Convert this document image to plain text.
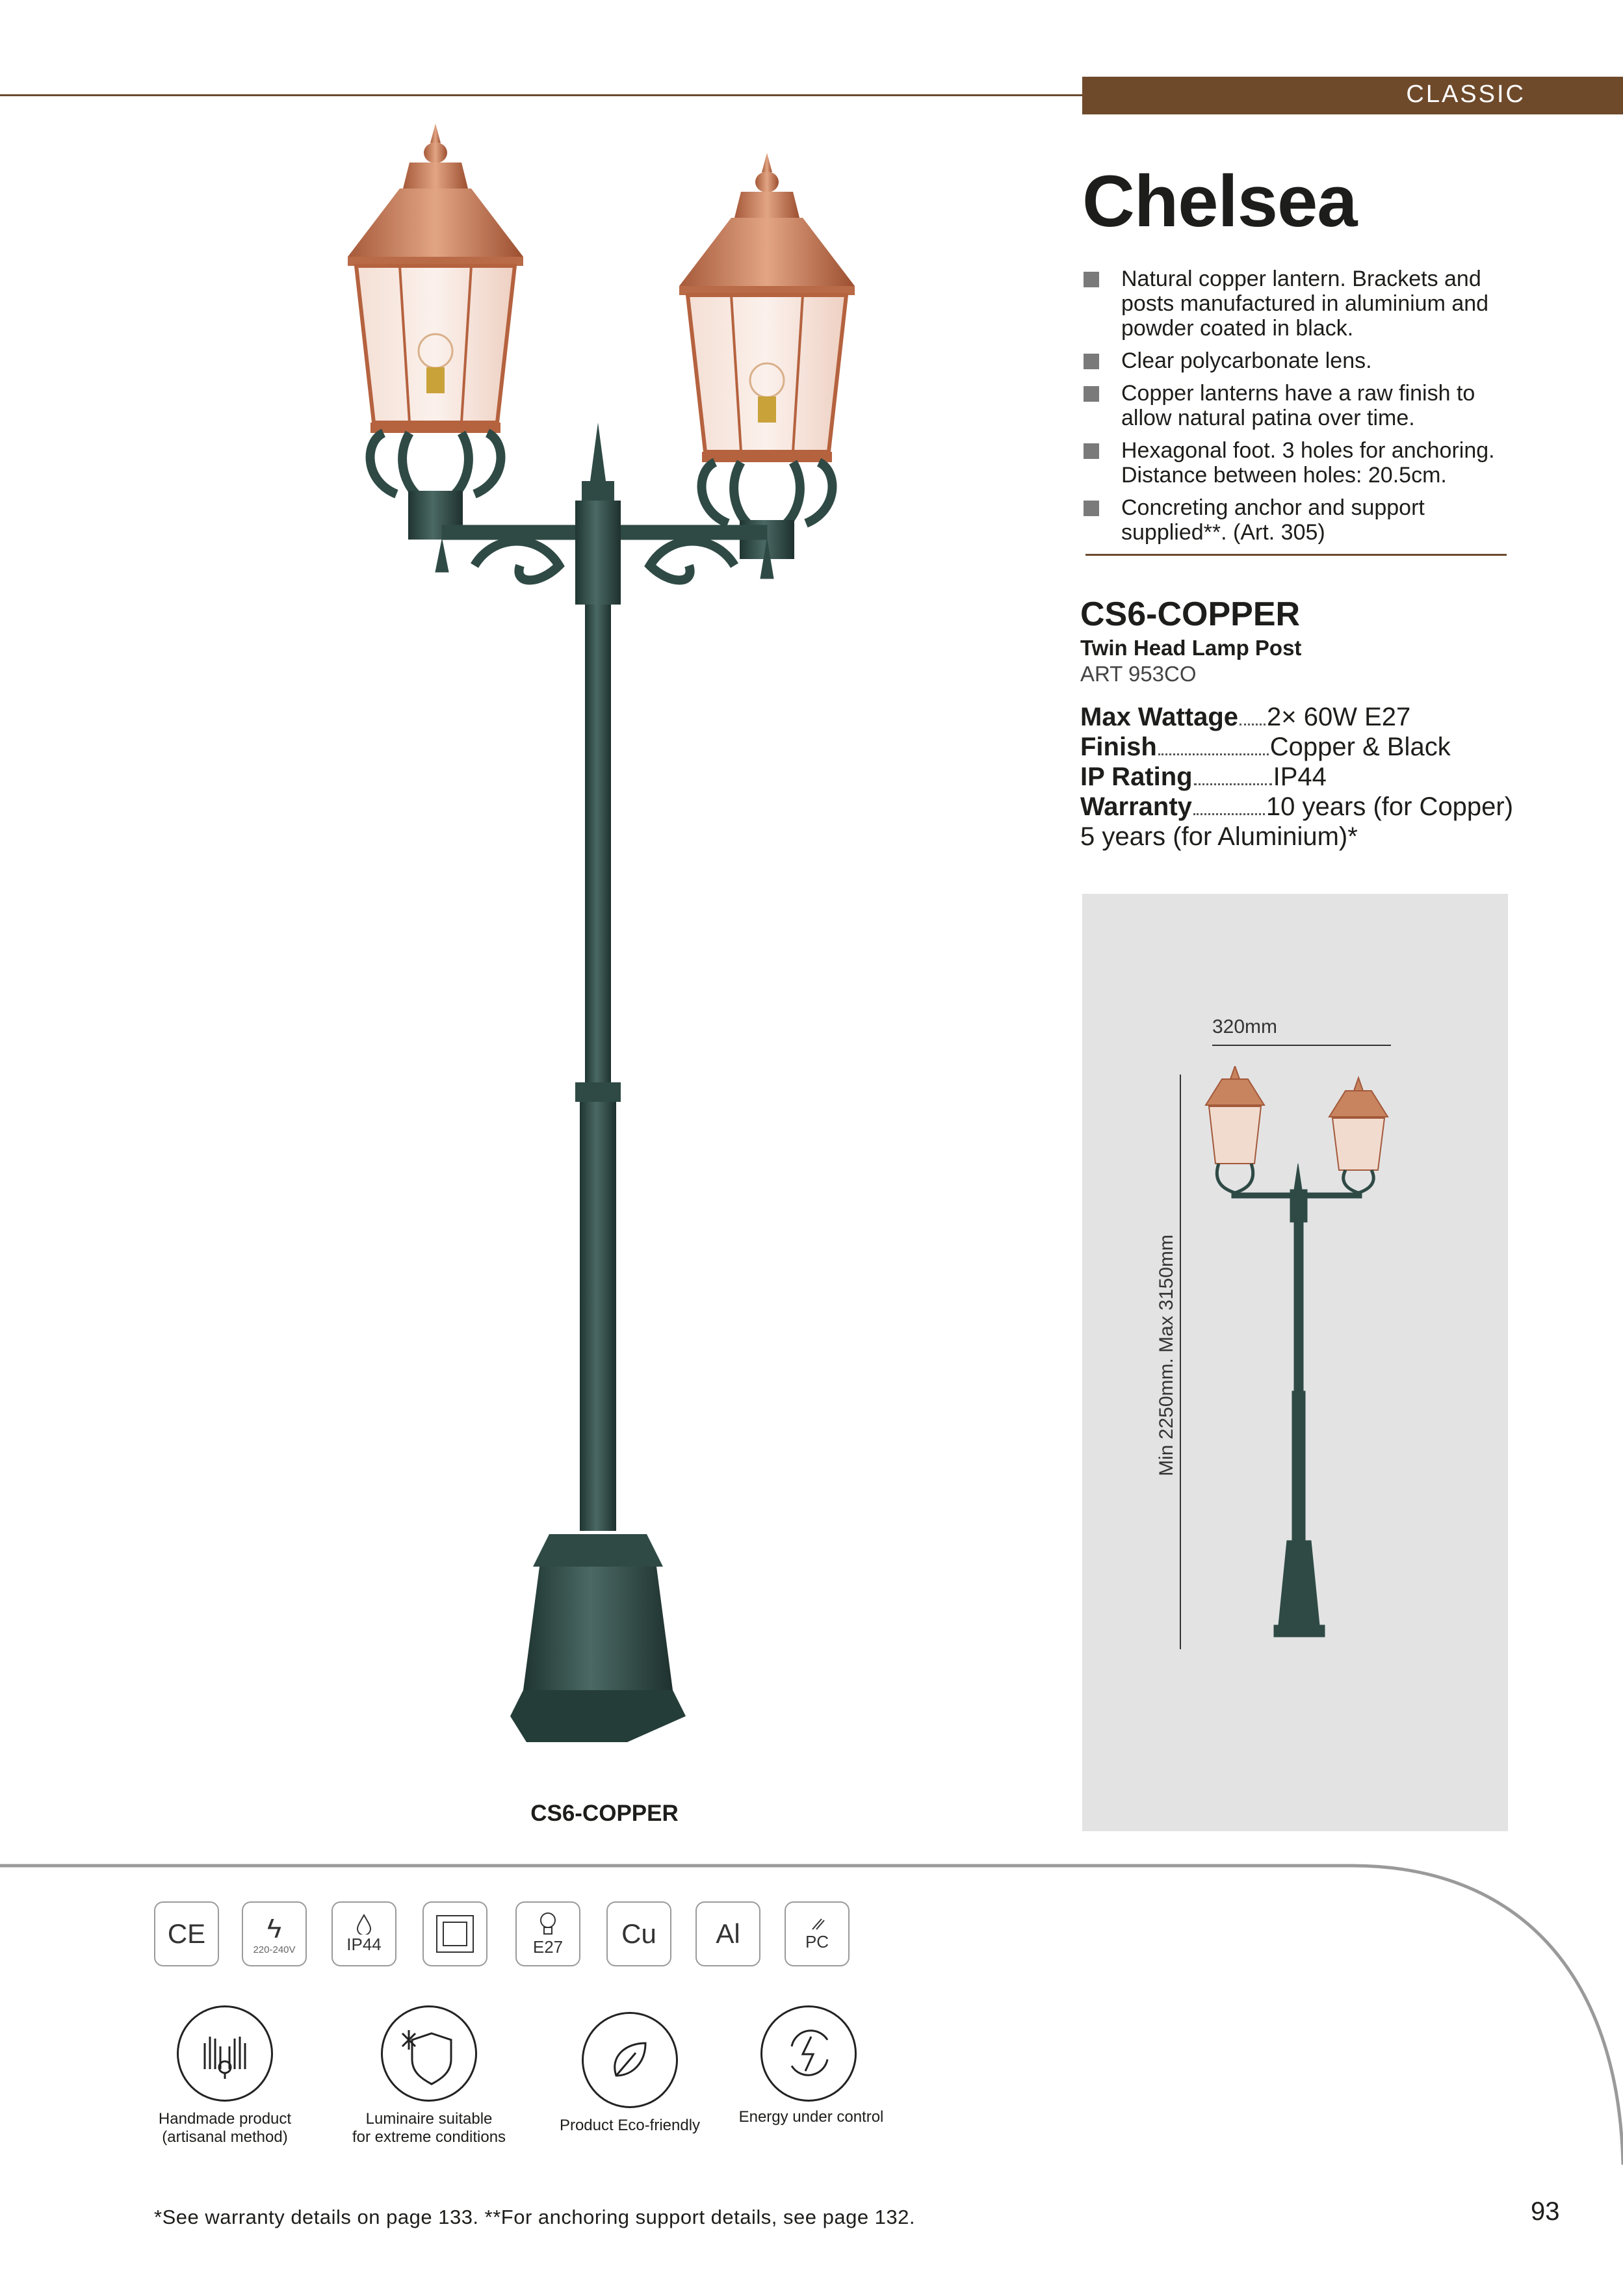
CLASSIC
CS6-COPPER
Chelsea
Natural copper lantern. Brackets and posts manufactured in aluminium and powder coated in black.
Clear polycarbonate lens.
Copper lanterns have a raw finish to allow natural patina over time.
Hexagonal foot. 3 holes for anchoring. Distance between holes: 20.5cm.
Concreting anchor and support supplied**. (Art. 305)
CS6-COPPER
Twin Head Lamp Post
ART 953CO
Max Wattage 2× 60W E27
Finish	Copper & Black
IP Rating	IP44
Warranty	10 years (for Copper)
5 years (for Aluminium)*
320mm
Min 2250mm. Max 3150mm
CE ϟ
220-240V	IP44	E27 Cu Al	PC
Handmade product
(artisanal method)
Luminaire suitable
for extreme conditions
Product Eco-friendly	Energy under control
*See warranty details on page 133. **For anchoring support details, see page 132.	93
